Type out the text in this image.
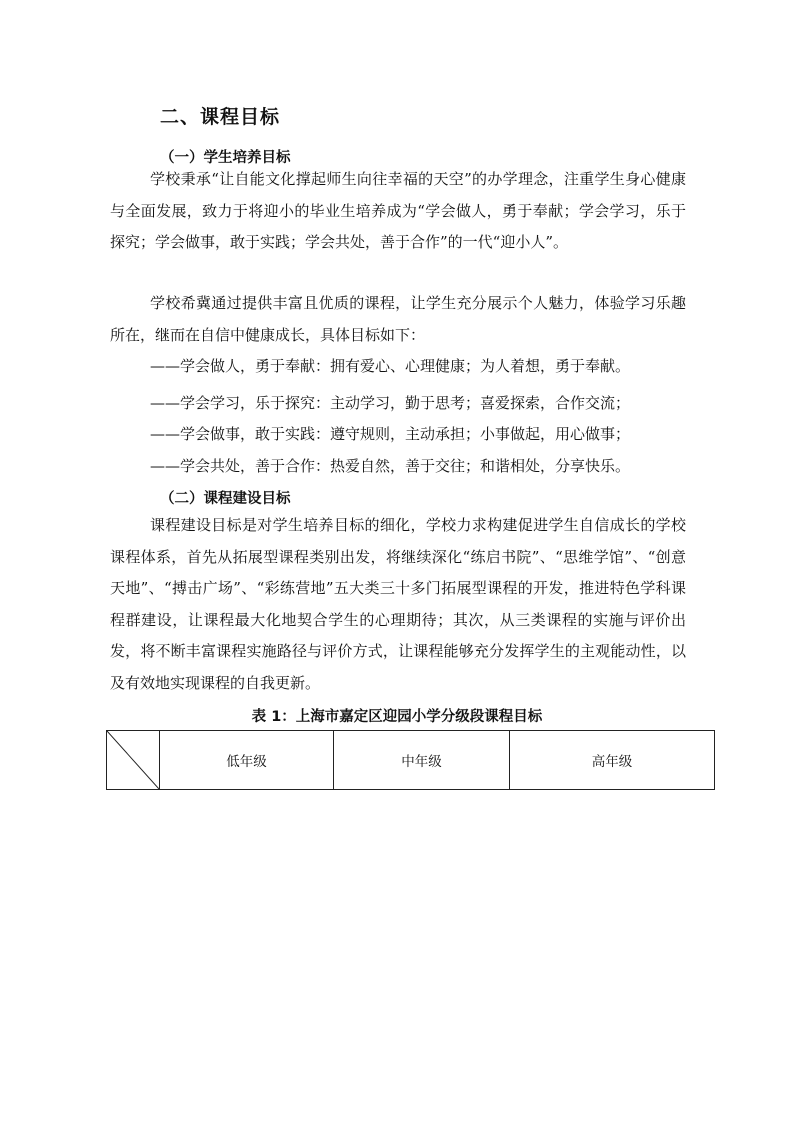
二、课程目标
（一）学生培养目标

学校秉承“让自能文化撑起师生向往幸福的天空”的办学理念，注重学生身心健康与全面发展，致力于将迎小的毕业生培养成为“学会做人，勇于奉献；学会学习，乐于探究；学会做事，敢于实践；学会共处，善于合作”的一代“迎小人”。

学校希冀通过提供丰富且优质的课程，让学生充分展示个人魅力，体验学习乐趣所在，继而在自信中健康成长，具体目标如下：

——学会做人，勇于奉献：拥有爱心、心理健康；为人着想，勇于奉献。
——学会学习，乐于探究：主动学习，勤于思考；喜爱探索，合作交流；
——学会做事，敢于实践：遵守规则，主动承担；小事做起，用心做事；
——学会共处，善于合作：热爱自然，善于交往；和谐相处，分享快乐。
（二）课程建设目标

课程建设目标是对学生培养目标的细化，学校力求构建促进学生自信成长的学校课程体系，首先从拓展型课程类别出发，将继续深化“练启书院”、“思维学馆”、“创意天地”、“搏击广场”、“彩练营地”五大类三十多门拓展型课程的开发，推进特色学科课程群建设，让课程最大化地契合学生的心理期待；其次，从三类课程的实施与评价出发，将不断丰富课程实施路径与评价方式，让课程能够充分发挥学生的主观能动性，以及有效地实现课程的自我更新。

表 1：上海市嘉定区迎园小学分级段课程目标
	低年级	中年级	高年级
